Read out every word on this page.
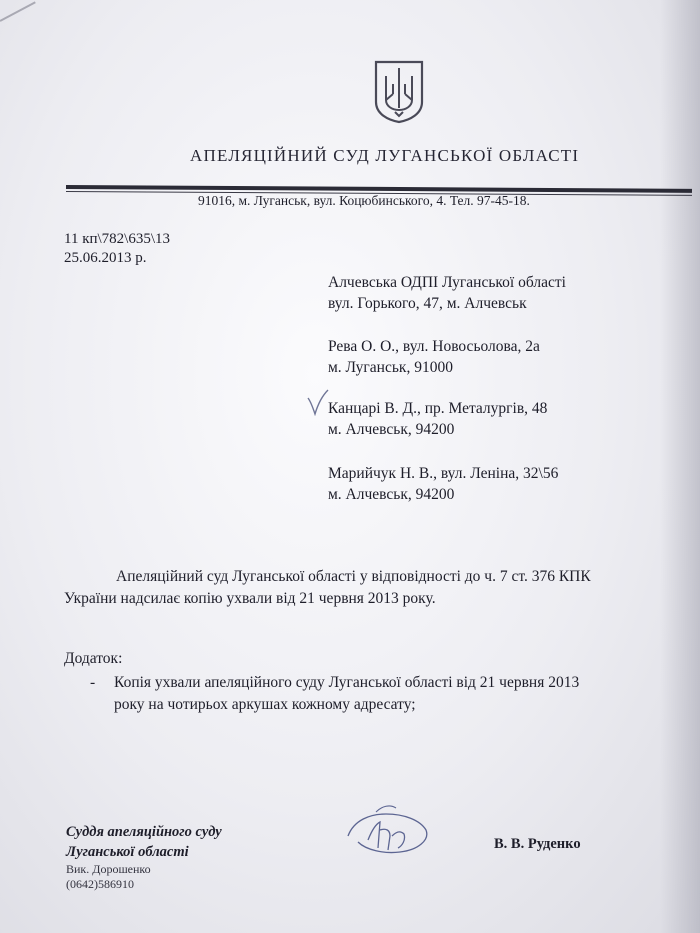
АПЕЛЯЦІЙНИЙ СУД ЛУГАНСЬКОЇ ОБЛАСТІ
91016, м. Луганськ, вул. Коцюбинського, 4. Тел. 97-45-18.
11 кп\782\635\13
25.06.2013 р.
Алчевська ОДПІ Луганської області
вул. Горького, 47, м. Алчевськ
Рева О. О., вул. Новосьолова, 2а
м. Луганськ, 91000
Канцарі В. Д., пр. Металургів, 48
м. Алчевськ, 94200
Марийчук Н. В., вул. Леніна, 32\56
м. Алчевськ, 94200
Апеляційний суд Луганської області у відповідності до ч. 7 ст. 376 КПК
України надсилає копію ухвали від 21 червня 2013 року.
Додаток:
- Копія ухвали апеляційного суду Луганської області від 21 червня 2013
року на чотирьох аркушах кожному адресату;
Суддя апеляційного суду
Луганської області	В. В. Руденко
Вик. Дорошенко
(0642)586910
